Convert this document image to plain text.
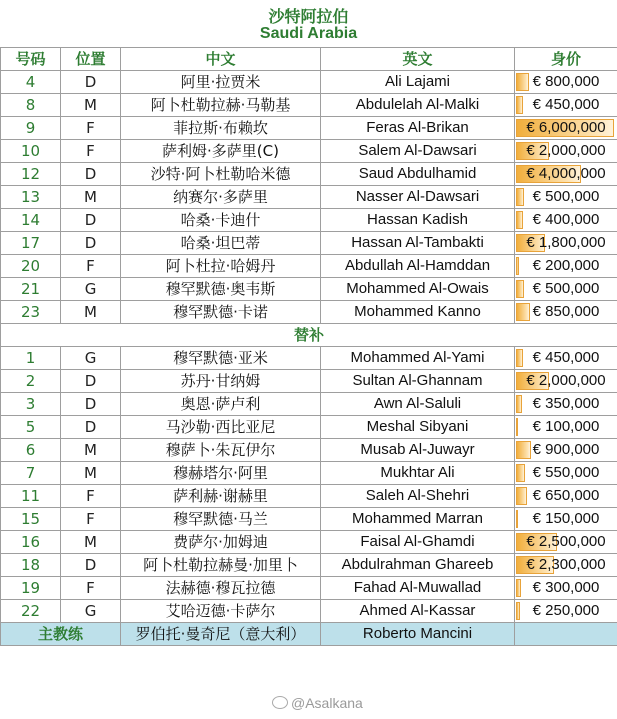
沙特阿拉伯
Saudi Arabia
号码	位置	中文	英文	身价
4	D	阿里·拉贾米	Ali Lajami	€ 800,000
8	M	阿卜杜勒拉赫·马勒基	Abdulelah Al-Malki	€ 450,000
9	F	菲拉斯·布赖坎	Feras Al-Brikan	€ 6,000,000
10	F	萨利姆·多萨里(C)	Salem Al-Dawsari	€ 2,000,000
12	D	沙特·阿卜杜勒哈米德	Saud Abdulhamid	€ 4,000,000
13	M	纳赛尔·多萨里	Nasser Al-Dawsari	€ 500,000
14	D	哈桑·卡迪什	Hassan Kadish	€ 400,000
17	D	哈桑·坦巴蒂	Hassan Al-Tambakti	€ 1,800,000
20	F	阿卜杜拉·哈姆丹	Abdullah Al-Hamddan	€ 200,000
21	G	穆罕默德·奥韦斯	Mohammed Al-Owais	€ 500,000
23	M	穆罕默德·卡诺	Mohammed Kanno	€ 850,000
替补				
1	G	穆罕默德·亚米	Mohammed Al-Yami	€ 450,000
2	D	苏丹·甘纳姆	Sultan Al-Ghannam	€ 2,000,000
3	D	奥恩·萨卢利	Awn Al-Saluli	€ 350,000
5	D	马沙勒·西比亚尼	Meshal Sibyani	€ 100,000
6	M	穆萨卜·朱瓦伊尔	Musab Al-Juwayr	€ 900,000
7	M	穆赫塔尔·阿里	Mukhtar Ali	€ 550,000
11	F	萨利赫·谢赫里	Saleh Al-Shehri	€ 650,000
15	F	穆罕默德·马兰	Mohammed Marran	€ 150,000
16	M	费萨尔·加姆迪	Faisal Al-Ghamdi	€ 2,500,000
18	D	阿卜杜勒拉赫曼·加里卜	Abdulrahman Ghareeb	€ 2,300,000
19	F	法赫德·穆瓦拉德	Fahad Al-Muwallad	€ 300,000
22	G	艾哈迈德·卡萨尔	Ahmed Al-Kassar	€ 250,000
主教练		罗伯托·曼奇尼（意大利）	Roberto Mancini	
@Asalkana
